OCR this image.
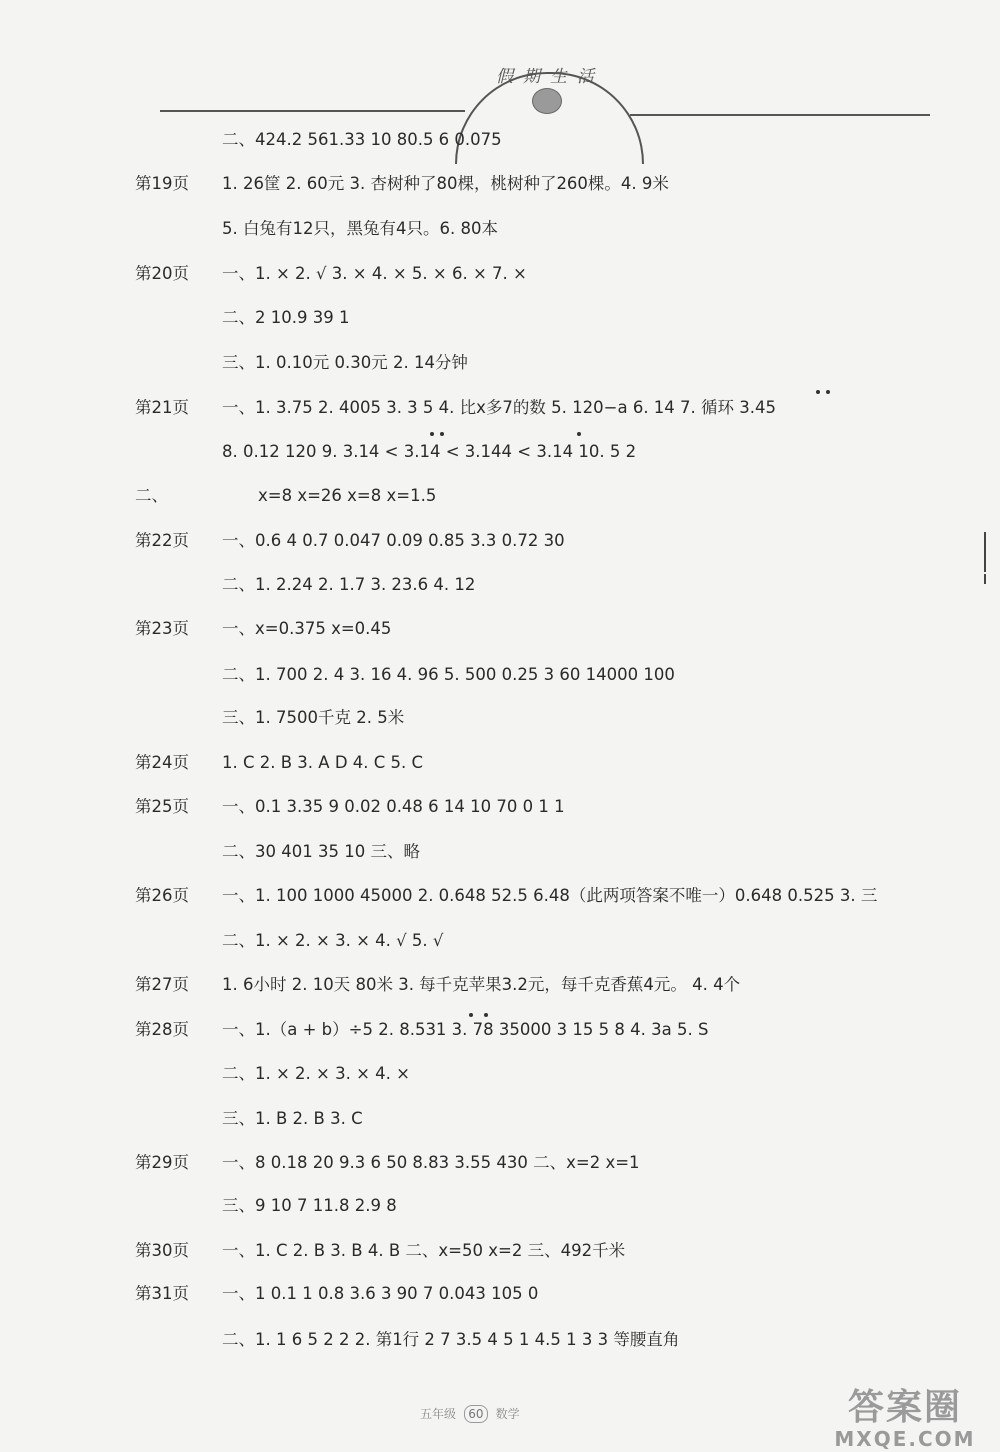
假期生活
二、424.2 561.33 10 80.5 6 0.075
第19页	1. 26筐 2. 60元 3. 杏树种了80棵，桃树种了260棵。4. 9米
5. 白兔有12只，黑兔有4只。6. 80本
第20页	一、1. × 2. √ 3. × 4. × 5. × 6. × 7. ×
二、2 10.9 39 1
三、1. 0.10元 0.30元 2. 14分钟
第21页	一、1. 3.75 2. 4005 3. 3 5 4. 比x多7的数 5. 120−a 6. 14 7. 循环 3.45
8. 0.12 120 9. 3.14 < 3.14 < 3.144 < 3.14 10. 5 2
二、	x=8 x=26 x=8 x=1.5
第22页	一、0.6 4 0.7 0.047 0.09 0.85 3.3 0.72 30
二、1. 2.24 2. 1.7 3. 23.6 4. 12
第23页	一、x=0.375 x=0.45
二、1. 700 2. 4 3. 16 4. 96 5. 500 0.25 3 60 14000 100
三、1. 7500千克 2. 5米
第24页	1. C 2. B 3. A D 4. C 5. C
第25页	一、0.1 3.35 9 0.02 0.48 6 14 10 70 0 1 1
二、30 401 35 10 三、略
第26页	一、1. 100 1000 45000 2. 0.648 52.5 6.48（此两项答案不唯一）0.648 0.525 3. 三
二、1. × 2. × 3. × 4. √ 5. √
第27页	1. 6小时 2. 10天 80米 3. 每千克苹果3.2元，每千克香蕉4元。 4. 4个
第28页	一、1.（a + b）÷5 2. 8.531 3. 78 35000 3 15 5 8 4. 3a 5. S
二、1. × 2. × 3. × 4. ×
三、1. B 2. B 3. C
第29页	一、8 0.18 20 9.3 6 50 8.83 3.55 430 二、x=2 x=1
三、9 10 7 11.8 2.9 8
第30页	一、1. C 2. B 3. B 4. B 二、x=50 x=2 三、492千米
第31页	一、1 0.1 1 0.8 3.6 3 90 7 0.043 105 0
二、1. 1 6 5 2 2 2. 第1行 2 7 3.5 4 5 1 4.5 1 3 3 等腰直角
五年级 60 数学	答案圈
MXQE.COM
